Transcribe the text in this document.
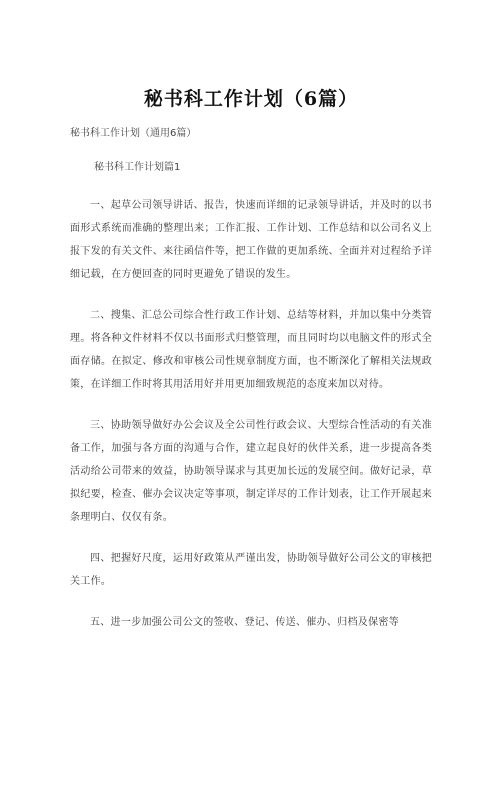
秘书科工作计划（6篇）
秘书科工作计划（通用6篇）
秘书科工作计划篇1

一、起草公司领导讲话、报告，快速而详细的记录领导讲话，并及时的以书面形式系统而准确的整理出来；工作汇报、工作计划、工作总结和以公司名义上报下发的有关文件、来往函信件等，把工作做的更加系统、全面并对过程给予详细记载，在方便回查的同时更避免了错误的发生。

二、搜集、汇总公司综合性行政工作计划、总结等材料，并加以集中分类管理。将各种文件材料不仅以书面形式归整管理，而且同时均以电脑文件的形式全面存储。在拟定、修改和审核公司性规章制度方面，也不断深化了解相关法规政策，在详细工作时将其用活用好并用更加细致规范的态度来加以对待。

三、协助领导做好办公会议及全公司性行政会议、大型综合性活动的有关准备工作，加强与各方面的沟通与合作，建立起良好的伙伴关系，进一步提高各类活动给公司带来的效益，协助领导谋求与其更加长远的发展空间。做好记录，草拟纪要，检查、催办会议决定等事项，制定详尽的工作计划表，让工作开展起来条理明白、仅仅有条。

四、把握好尺度，运用好政策从严谨出发，协助领导做好公司公文的审核把关工作。

五、进一步加强公司公文的签收、登记、传送、催办、归档及保密等
